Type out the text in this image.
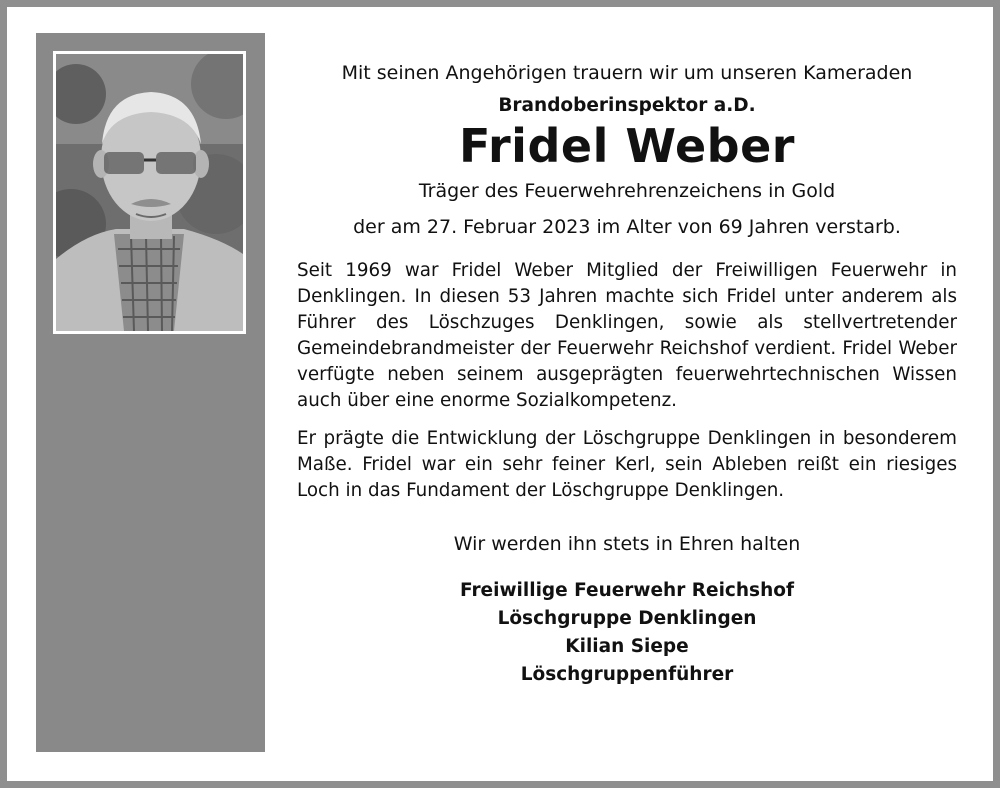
Mit seinen Angehörigen trauern wir um unseren Kameraden

Brandoberinspektor a.D.

Fridel Weber

Träger des Feuerwehrehrenzeichens in Gold

der am 27. Februar 2023 im Alter von 69 Jahren verstarb.

Seit 1969 war Fridel Weber Mitglied der Freiwilligen Feuerwehr in Denklingen. In diesen 53 Jahren machte sich Fridel unter anderem als Führer des Löschzuges Denklingen, sowie als stellvertretender Gemeindebrandmeister der Feuerwehr Reichshof verdient. Fridel Weber verfügte neben seinem ausgeprägten feuerwehrtechnischen Wissen auch über eine enorme Sozialkompetenz.

Er prägte die Entwicklung der Löschgruppe Denklingen in besonderem Maße. Fridel war ein sehr feiner Kerl, sein Ableben reißt ein riesiges Loch in das Fundament der Löschgruppe Denklingen.

Wir werden ihn stets in Ehren halten

Freiwillige Feuerwehr Reichshof
Löschgruppe Denklingen
Kilian Siepe
Löschgruppenführer
